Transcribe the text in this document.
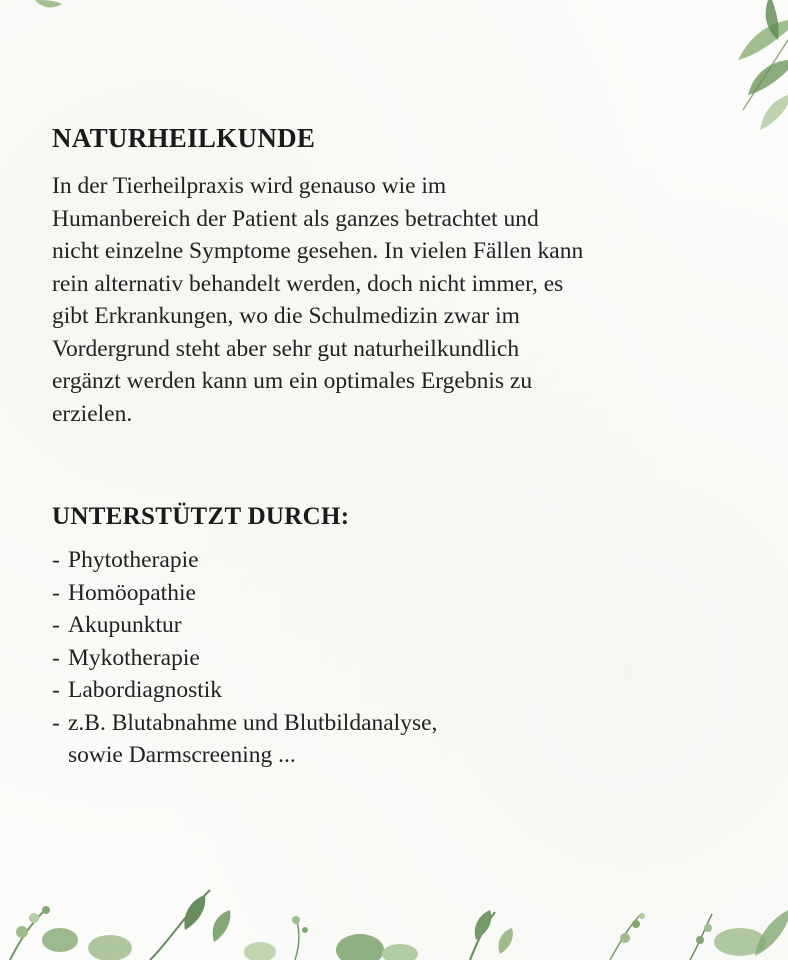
NATURHEILKUNDE
In der Tierheilpraxis wird genauso wie im
Humanbereich der Patient als ganzes betrachtet und
nicht einzelne Symptome gesehen. In vielen Fällen kann
rein alternativ behandelt werden, doch nicht immer, es
gibt Erkrankungen, wo die Schulmedizin zwar im
Vordergrund steht aber sehr gut naturheilkundlich
ergänzt werden kann um ein optimales Ergebnis zu
erzielen.
UNTERSTÜTZT DURCH:
- Phytotherapie
- Homöopathie
- Akupunktur
- Mykotherapie
- Labordiagnostik
- z.B. Blutabnahme und Blutbildanalyse,
sowie Darmscreening ...
